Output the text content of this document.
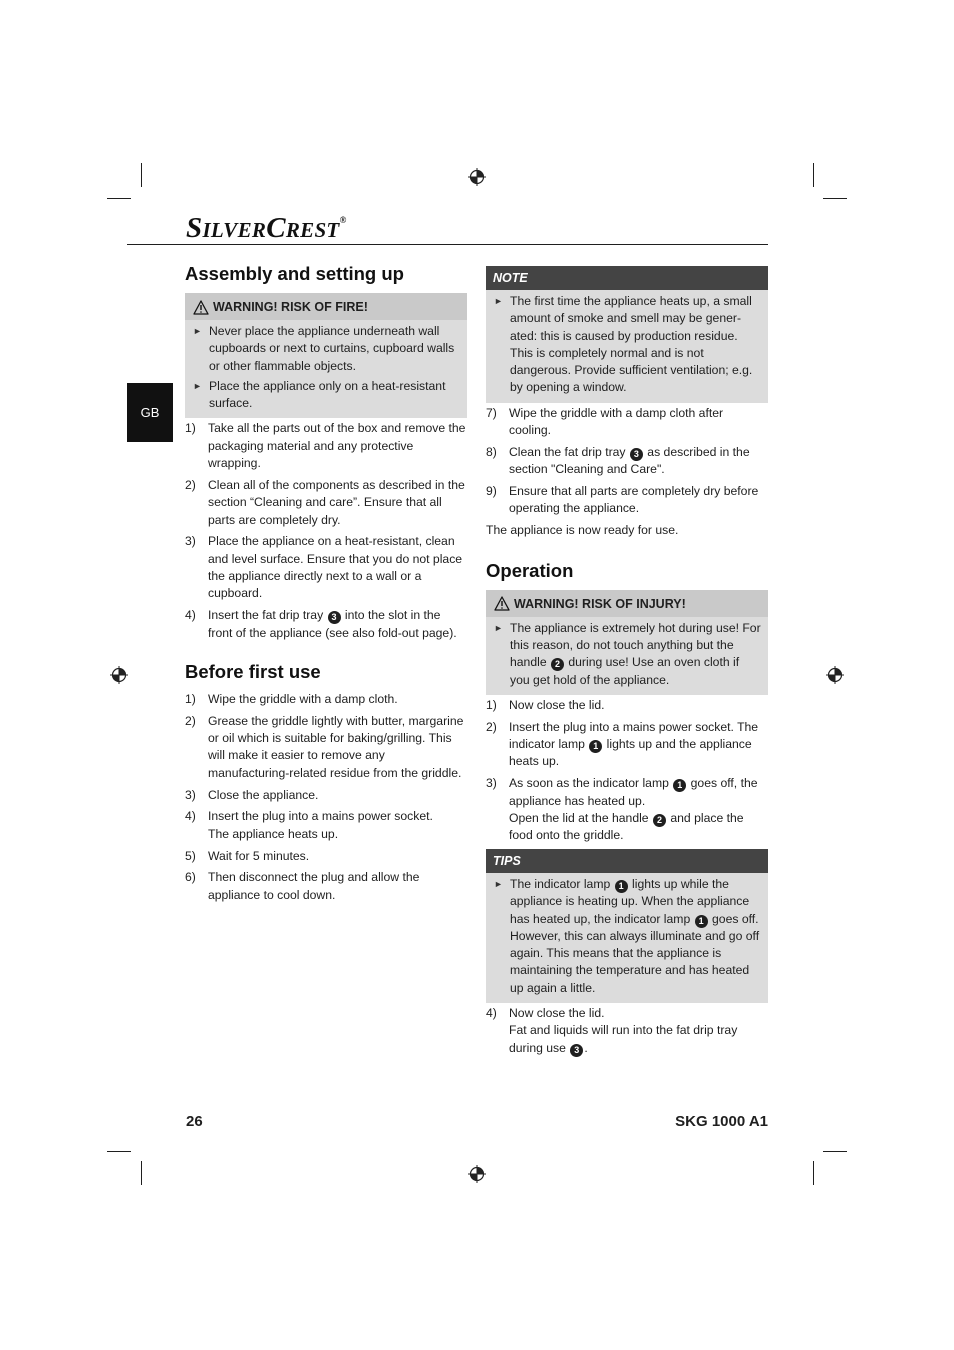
SILVERCREST®
GB
Assembly and setting up
WARNING! RISK OF FIRE!
► Never place the appliance underneath wall cupboards or next to curtains, cupboard walls or other flammable objects.
► Place the appliance only on a heat-resistant surface.
1) Take all the parts out of the box and remove the packaging material and any protective wrapping.
2) Clean all of the components as described in the section “Cleaning and care”. Ensure that all parts are completely dry.
3) Place the appliance on a heat-resistant, clean and level surface. Ensure that you do not place the appliance directly next to a wall or a cupboard.
4) Insert the fat drip tray 3 into the slot in the front of the appliance (see also fold-out page).
Before first use
1) Wipe the griddle with a damp cloth.
2) Grease the griddle lightly with butter, margarine or oil which is suitable for baking/grilling. This will make it easier to remove any manufacturing-related residue from the griddle.
3) Close the appliance.
4) Insert the plug into a mains power socket.
The appliance heats up.
5) Wait for 5 minutes.
6) Then disconnect the plug and allow the appliance to cool down.
NOTE
► The first time the appliance heats up, a small amount of smoke and smell may be gener-ated: this is caused by production residue. This is completely normal and is not dangerous. Provide sufficient ventilation; e.g. by opening a window.
7) Wipe the griddle with a damp cloth after cooling.
8) Clean the fat drip tray 3 as described in the section "Cleaning and Care".
9) Ensure that all parts are completely dry before operating the appliance.

The appliance is now ready for use.

Operation
WARNING! RISK OF INJURY!
► The appliance is extremely hot during use! For this reason, do not touch anything but the handle 2 during use! Use an oven cloth if you get hold of the appliance.
1) Now close the lid.
2) Insert the plug into a mains power socket. The indicator lamp 1 lights up and the appliance heats up.
3) As soon as the indicator lamp 1 goes off, the appliance has heated up.
Open the lid at the handle 2 and place the food onto the griddle.
TIPS
► The indicator lamp 1 lights up while the appliance is heating up. When the appliance has heated up, the indicator lamp 1 goes off.
However, this can always illuminate and go off again. This means that the appliance is maintaining the temperature and has heated up again a little.
4) Now close the lid.
Fat and liquids will run into the fat drip tray during use 3 .
26	SKG 1000 A1
